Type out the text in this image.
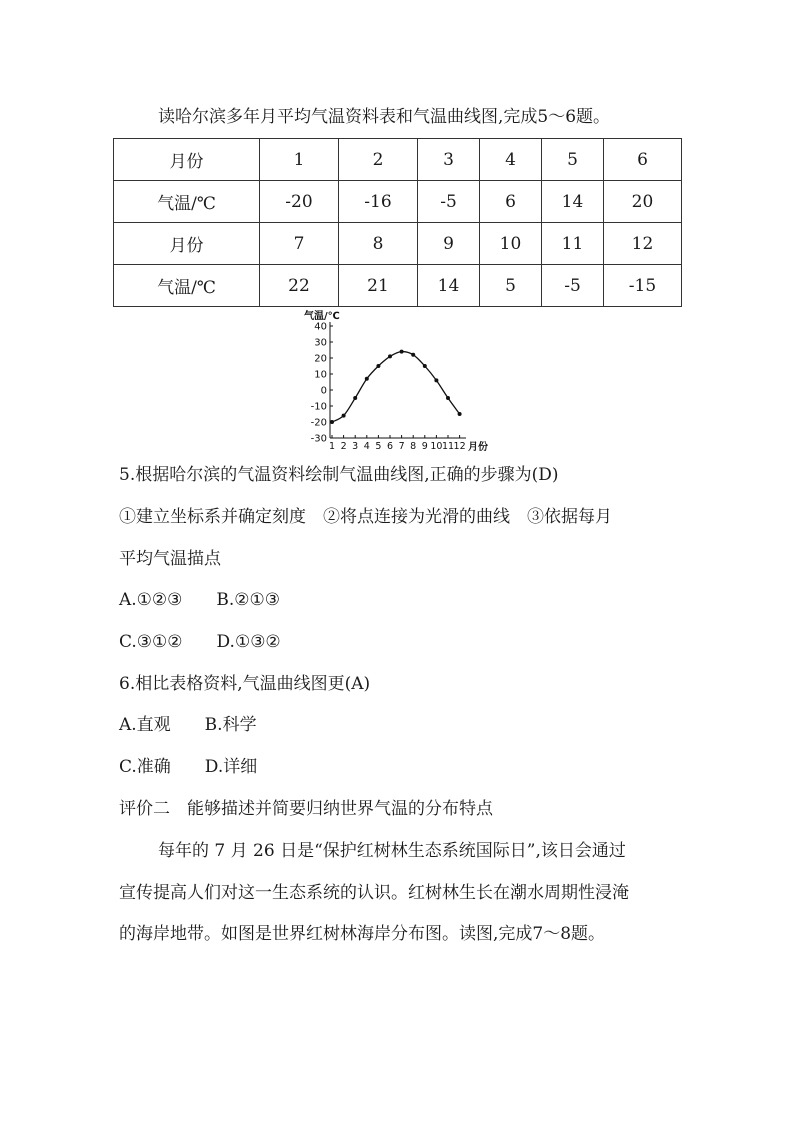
读哈尔滨多年月平均气温资料表和气温曲线图,完成5～6题。
月份	1	2	3	4	5	6
气温/℃	-20	-16	-5	6	14	20
月份	7	8	9	10	11	12
气温/℃	22	21	14	5	-5	-15
40
30
20
10
0
-10
-20
-30
1 2 3 4 5 6 7 8 9 10 11 12
气温/℃
月份
5.根据哈尔滨的气温资料绘制气温曲线图,正确的步骤为(D)
①建立坐标系并确定刻度　②将点连接为光滑的曲线　③依据每月
平均气温描点
A.①②③　　B.②①③
C.③①②　　D.①③②
6.相比表格资料,气温曲线图更(A)
A.直观　　B.科学
C.准确　　D.详细
评价二　能够描述并简要归纳世界气温的分布特点
每年的 7 月 26 日是“保护红树林生态系统国际日”,该日会通过
宣传提高人们对这一生态系统的认识。红树林生长在潮水周期性浸淹
的海岸地带。如图是世界红树林海岸分布图。读图,完成7～8题。
